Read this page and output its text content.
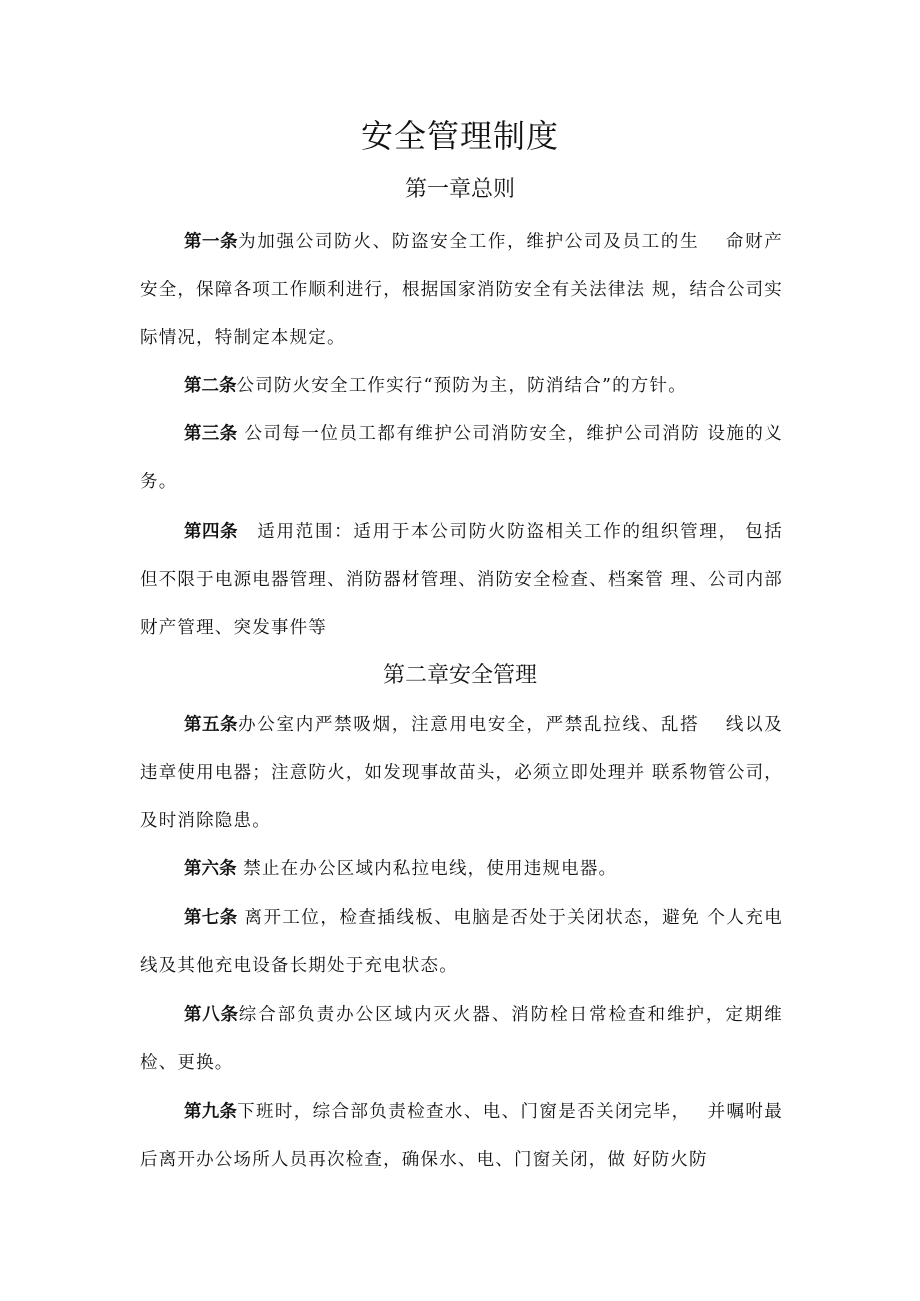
安全管理制度
第一章总则

第一条为加强公司防火、防盗安全工作，维护公司及员工的生　 命财产安全，保障各项工作顺利进行，根据国家消防安全有关法律法 规，结合公司实际情况，特制定本规定。

第二条公司防火安全工作实行“预防为主，防消结合”的方针。

第三条 公司每一位员工都有维护公司消防安全，维护公司消防 设施的义务。

第四条　适用范围：适用于本公司防火防盗相关工作的组织管理， 包括但不限于电源电器管理、消防器材管理、消防安全检查、档案管 理、公司内部财产管理、突发事件等

第二章安全管理

第五条办公室内严禁吸烟，注意用电安全，严禁乱拉线、乱搭　 线以及违章使用电器；注意防火，如发现事故苗头，必须立即处理并 联系物管公司，及时消除隐患。

第六条 禁止在办公区域内私拉电线，使用违规电器。

第七条 离开工位，检查插线板、电脑是否处于关闭状态，避免 个人充电线及其他充电设备长期处于充电状态。

第八条综合部负责办公区域内灭火器、消防栓日常检查和维护，定期维检、更换。

第九条下班时，综合部负责检查水、电、门窗是否关闭完毕，　 并嘱咐最后离开办公场所人员再次检查，确保水、电、门窗关闭，做 好防火防
